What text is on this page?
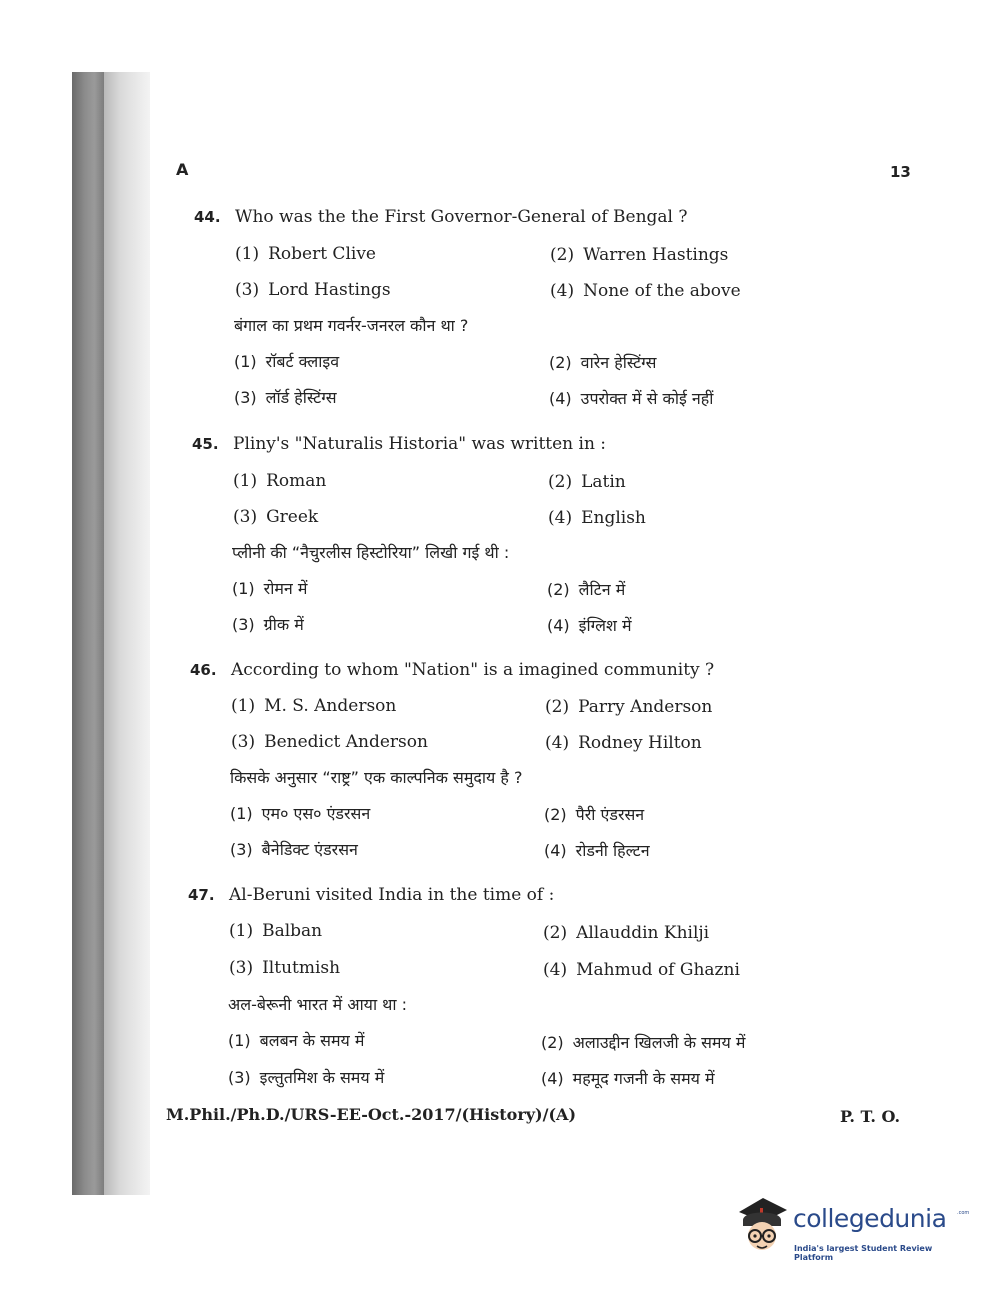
A	13
44. Who was the the First Governor-General of Bengal ?
(1) Robert Clive	(2) Warren Hastings
(3) Lord Hastings	(4) None of the above
बंगाल का प्रथम गवर्नर-जनरल कौन था ?
(1) रॉबर्ट क्लाइव	(2) वारेन हेस्टिंग्स
(3) लॉर्ड हेस्टिंग्स	(4) उपरोक्त में से कोई नहीं
45. Pliny's "Naturalis Historia" was written in :
(1) Roman	(2) Latin
(3) Greek	(4) English
प्लीनी की “नैचुरलीस हिस्टोरिया” लिखी गई थी :
(1) रोमन में	(2) लैटिन में
(3) ग्रीक में	(4) इंग्लिश में
46. According to whom "Nation" is a imagined community ?
(1) M. S. Anderson	(2) Parry Anderson
(3) Benedict Anderson	(4) Rodney Hilton
किसके अनुसार “राष्ट्र” एक काल्पनिक समुदाय है ?
(1) एम० एस० एंडरसन	(2) पैरी एंडरसन
(3) बैनेडिक्ट एंडरसन	(4) रोडनी हिल्टन
47. Al-Beruni visited India in the time of :
(1) Balban	(2) Allauddin Khilji
(3) Iltutmish	(4) Mahmud of Ghazni
अल-बेरूनी भारत में आया था :
(1) बलबन के समय में	(2) अलाउद्दीन खिलजी के समय में
(3) इल्तुतमिश के समय में	(4) महमूद गजनी के समय में
M.Phil./Ph.D./URS-EE-Oct.-2017/(History)/(A)	P. T. O.
collegedunia .com
India's largest Student Review Platform
